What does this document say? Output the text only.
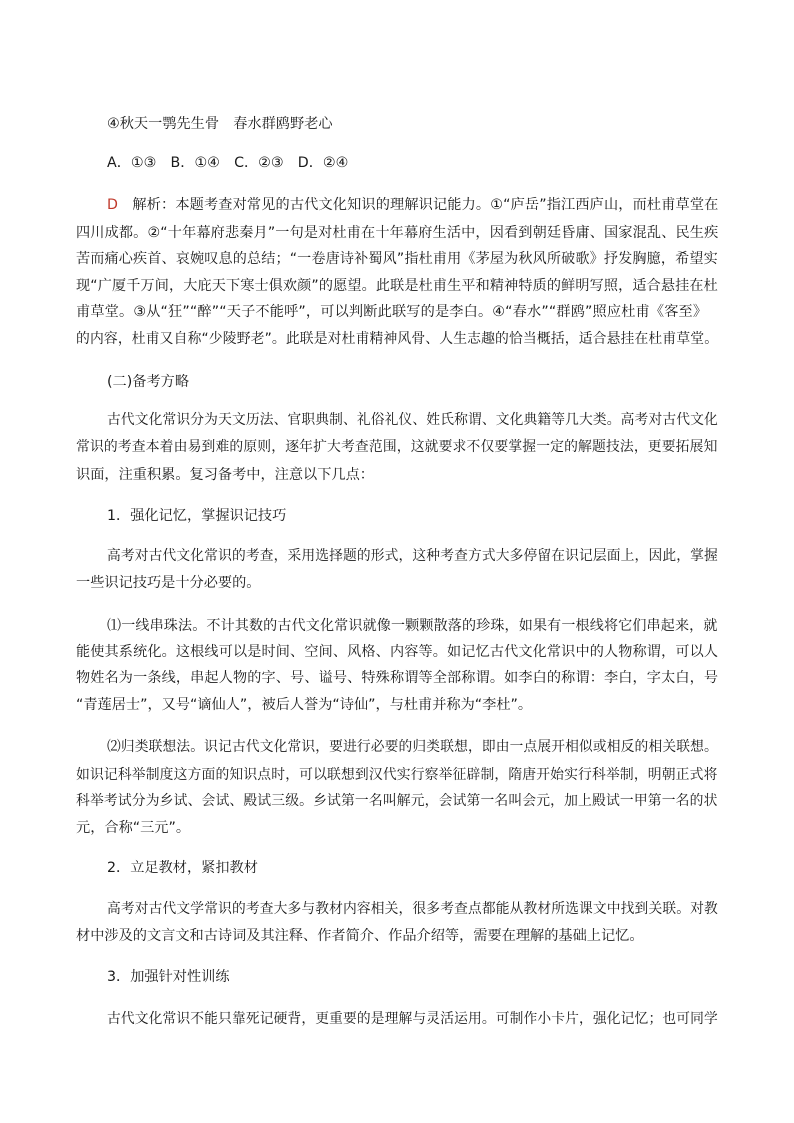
④秋天一鹗先生骨　春水群鸥野老心
A．①③　B．①④　C．②③　D．②④
D　解析：本题考查对常见的古代文化知识的理解识记能力。①“庐岳”指江西庐山，而杜甫草堂在
四川成都。②“十年幕府悲秦月”一句是对杜甫在十年幕府生活中，因看到朝廷昏庸、国家混乱、民生疾
苦而痛心疾首、哀婉叹息的总结；“一卷唐诗补蜀风”指杜甫用《茅屋为秋风所破歌》抒发胸臆，希望实
现“广厦千万间，大庇天下寒士俱欢颜”的愿望。此联是杜甫生平和精神特质的鲜明写照，适合悬挂在杜
甫草堂。③从“狂”“醉”“天子不能呼”，可以判断此联写的是李白。④“春水”“群鸥”照应杜甫《客至》
的内容，杜甫又自称“少陵野老”。此联是对杜甫精神风骨、人生志趣的恰当概括，适合悬挂在杜甫草堂。
(二)备考方略
古代文化常识分为天文历法、官职典制、礼俗礼仪、姓氏称谓、文化典籍等几大类。高考对古代文化
常识的考查本着由易到难的原则，逐年扩大考查范围，这就要求不仅要掌握一定的解题技法，更要拓展知
识面，注重积累。复习备考中，注意以下几点：
1．强化记忆，掌握识记技巧
高考对古代文化常识的考查，采用选择题的形式，这种考查方式大多停留在识记层面上，因此，掌握
一些识记技巧是十分必要的。
⑴一线串珠法。不计其数的古代文化常识就像一颗颗散落的珍珠，如果有一根线将它们串起来，就
能使其系统化。这根线可以是时间、空间、风格、内容等。如记忆古代文化常识中的人物称谓，可以人
物姓名为一条线，串起人物的字、号、谥号、特殊称谓等全部称谓。如李白的称谓：李白，字太白，号
“青莲居士”，又号“谪仙人”，被后人誉为“诗仙”，与杜甫并称为“李杜”。
⑵归类联想法。识记古代文化常识，要进行必要的归类联想，即由一点展开相似或相反的相关联想。
如识记科举制度这方面的知识点时，可以联想到汉代实行察举征辟制，隋唐开始实行科举制，明朝正式将
科举考试分为乡试、会试、殿试三级。乡试第一名叫解元，会试第一名叫会元，加上殿试一甲第一名的状
元，合称“三元”。
2．立足教材，紧扣教材
高考对古代文学常识的考查大多与教材内容相关，很多考查点都能从教材所选课文中找到关联。对教
材中涉及的文言文和古诗词及其注释、作者简介、作品介绍等，需要在理解的基础上记忆。
3．加强针对性训练
古代文化常识不能只靠死记硬背，更重要的是理解与灵活运用。可制作小卡片，强化记忆；也可同学
